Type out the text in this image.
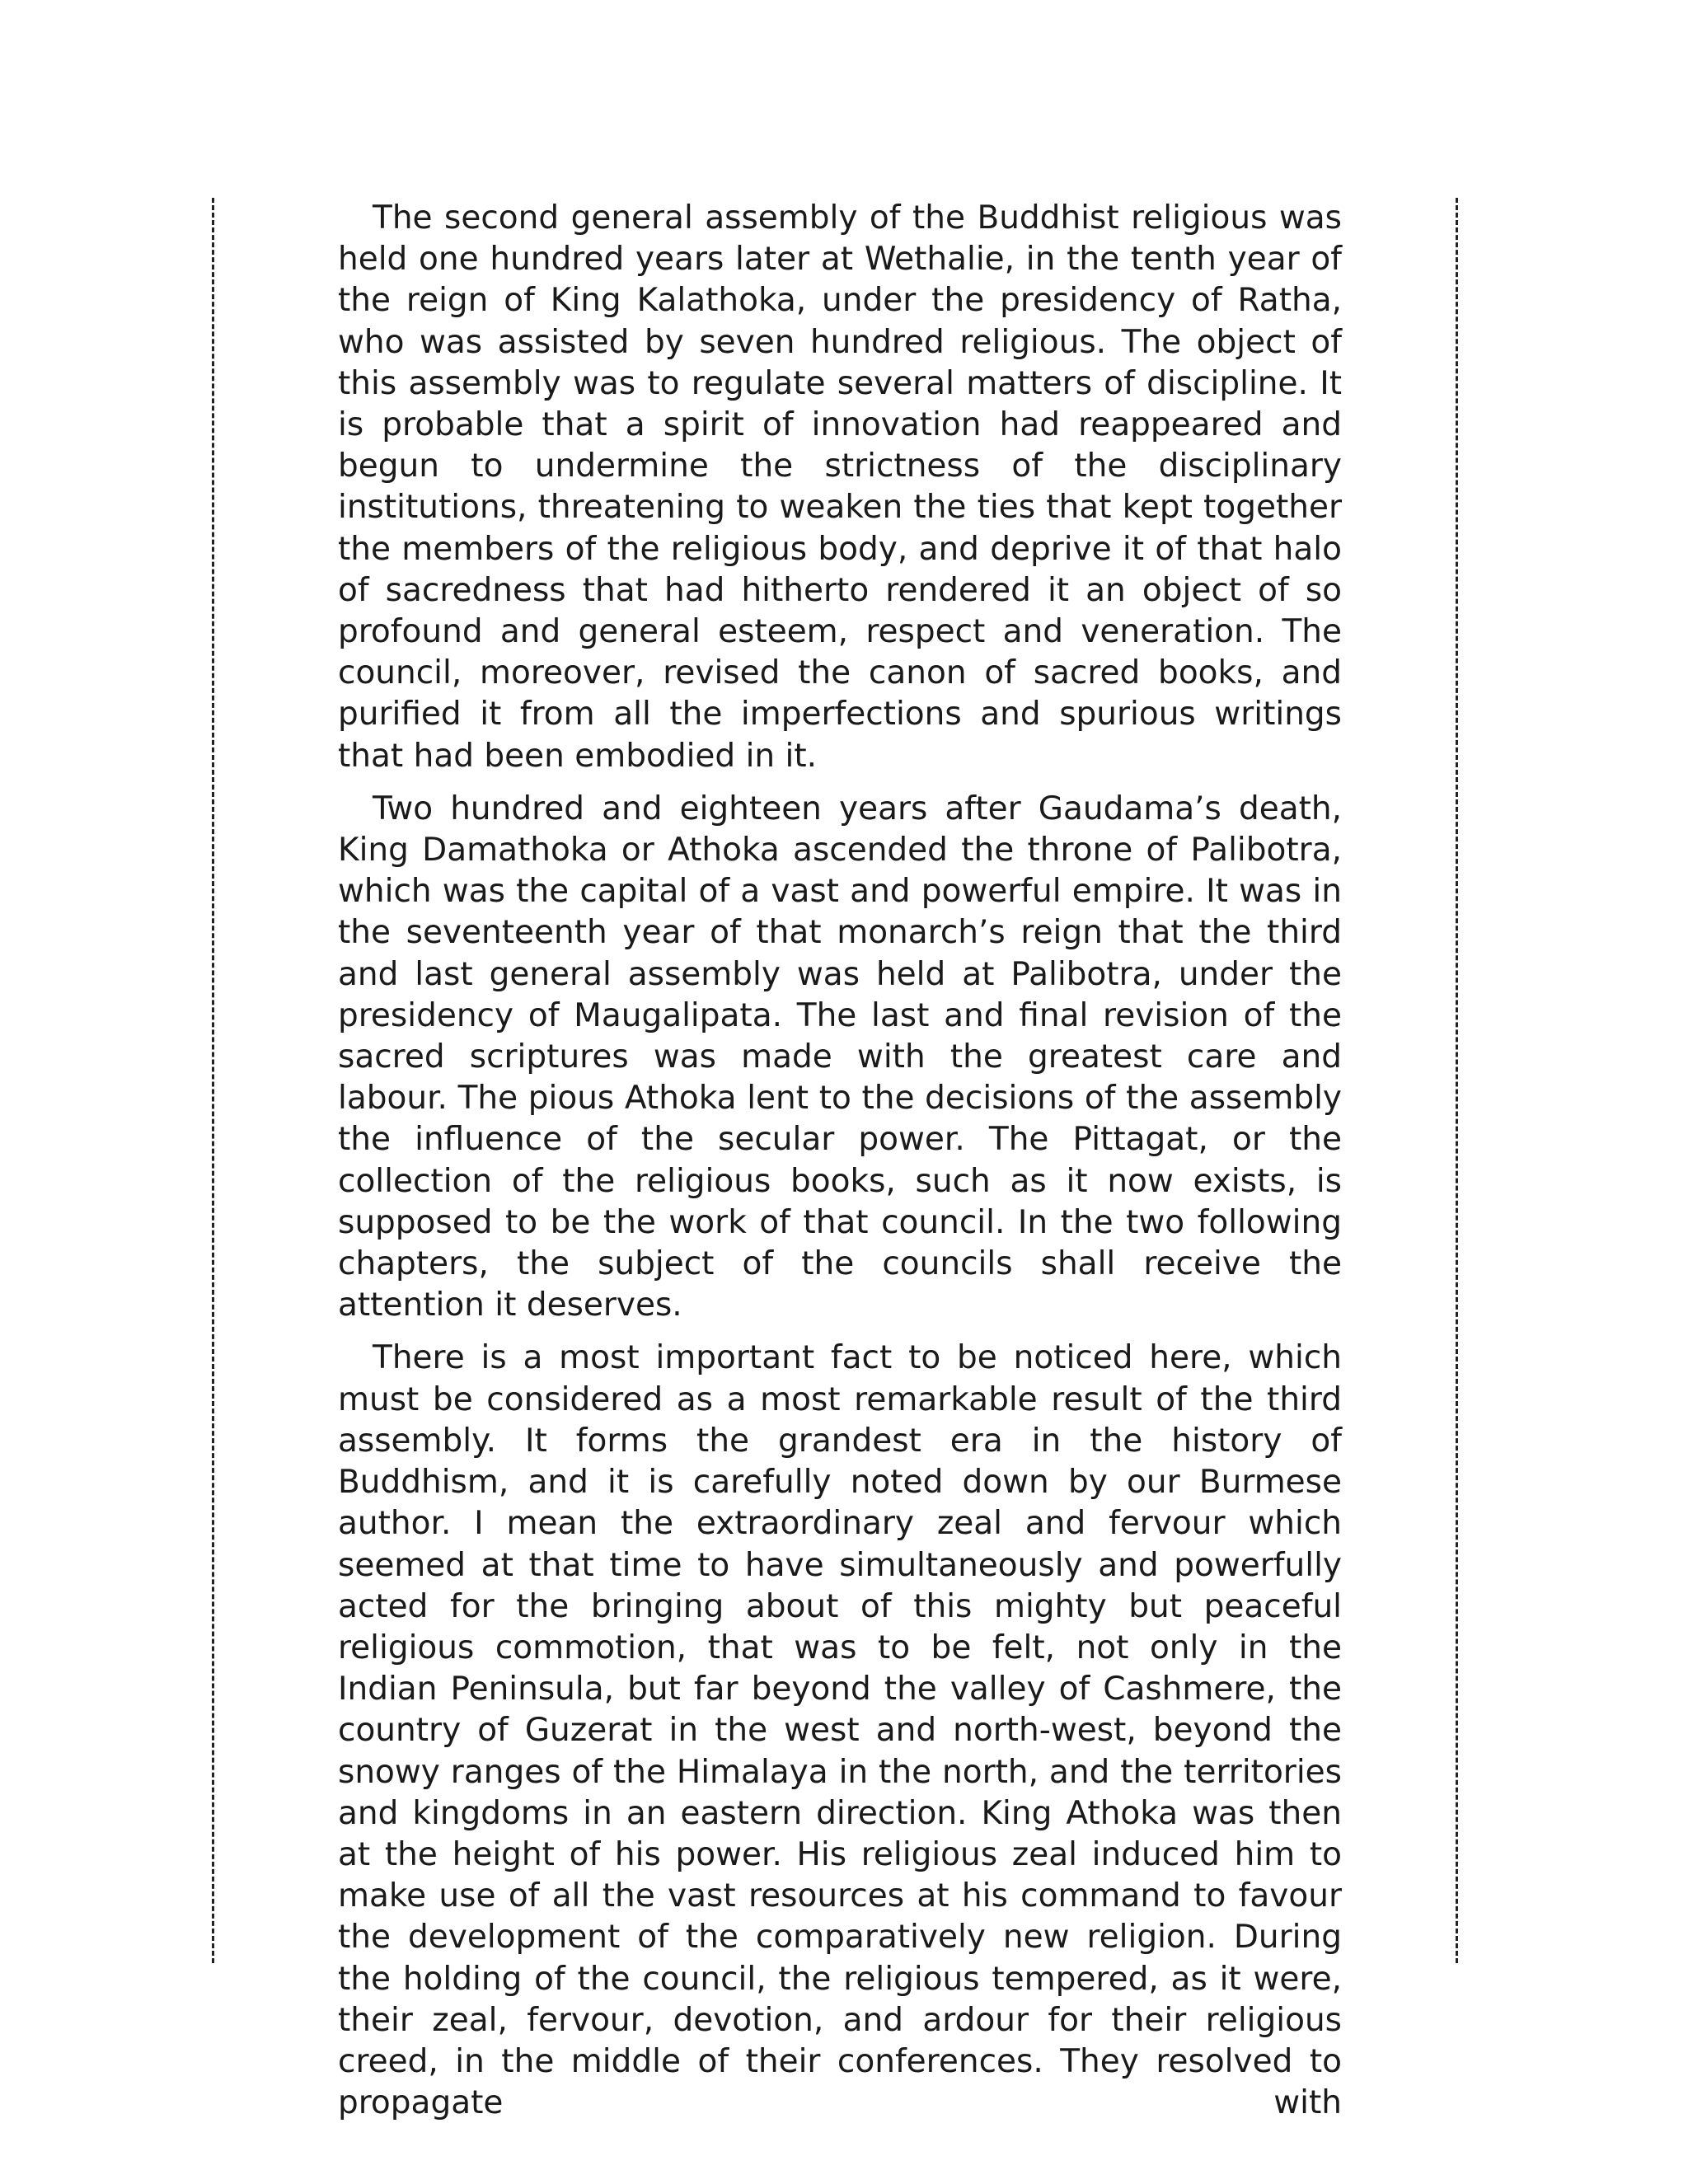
The second general assembly of the Buddhist religious was held one hundred years later at Wethalie, in the tenth year of the reign of King Kalathoka, under the presidency of Ratha, who was assisted by seven hundred religious. The object of this assembly was to regulate several matters of discipline. It is probable that a spirit of innovation had reappeared and begun to undermine the strictness of the disciplinary institutions, threatening to weaken the ties that kept together the members of the religious body, and deprive it of that halo of sacredness that had hitherto rendered it an object of so profound and general esteem, respect and veneration. The council, moreover, revised the canon of sacred books, and purified it from all the imperfections and spurious writings that had been embodied in it.

Two hundred and eighteen years after Gaudama’s death, King Damathoka or Athoka ascended the throne of Palibotra, which was the capital of a vast and powerful empire. It was in the seventeenth year of that monarch’s reign that the third and last general assembly was held at Palibotra, under the presidency of Maugalipata. The last and final revision of the sacred scriptures was made with the greatest care and labour. The pious Athoka lent to the decisions of the assembly the influence of the secular power. The Pittagat, or the collection of the religious books, such as it now exists, is supposed to be the work of that council. In the two following chapters, the subject of the councils shall receive the attention it deserves.

There is a most important fact to be noticed here, which must be considered as a most remarkable result of the third assembly. It forms the grandest era in the history of Buddhism, and it is carefully noted down by our Burmese author. I mean the extraordinary zeal and fervour which seemed at that time to have simultaneously and powerfully acted for the bringing about of this mighty but peaceful religious commotion, that was to be felt, not only in the Indian Peninsula, but far beyond the valley of Cashmere, the country of Guzerat in the west and north-west, beyond the snowy ranges of the Himalaya in the north, and the territories and kingdoms in an eastern direction. King Athoka was then at the height of his power. His religious zeal induced him to make use of all the vast resources at his command to favour the development of the comparatively new religion. During the holding of the council, the religious tempered, as it were, their zeal, fervour, devotion, and ardour for their religious creed, in the middle of their conferences. They resolved to propagate with
